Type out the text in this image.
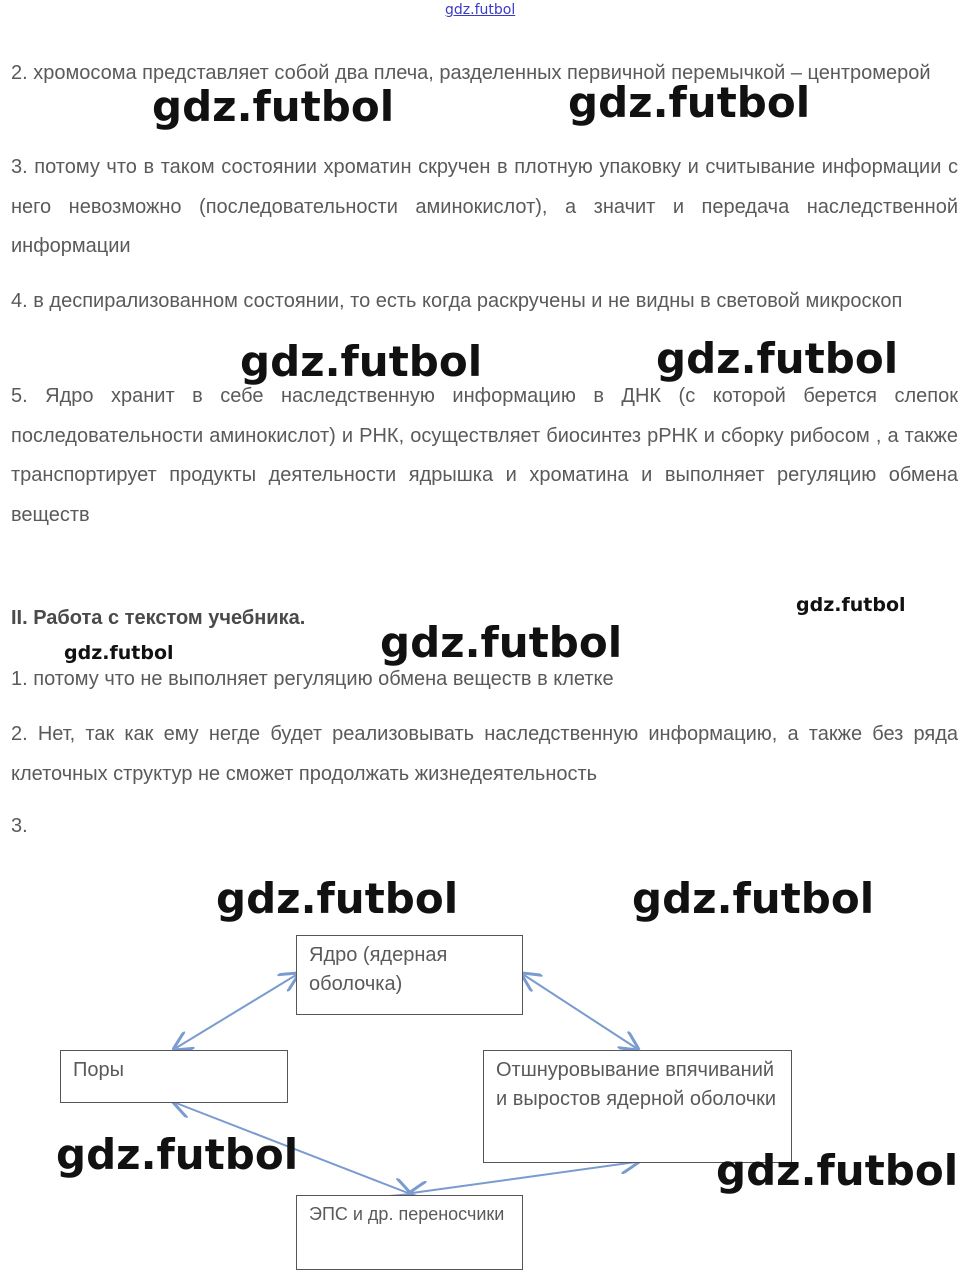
gdz.futbol

2. хромосома представляет собой два плеча, разделенных первичной перемычкой – центромерой

3. потому что в таком состоянии хроматин скручен в плотную упаковку и считывание информации с него невозможно (последовательности аминокислот), а значит и передача наследственной информации

4. в деспирализованном состоянии, то есть когда раскручены и не видны в световой микроскоп

5. Ядро хранит в себе наследственную информацию в ДНК (с которой берется слепок последовательности аминокислот) и РНК, осуществляет биосинтез рРНК и сборку рибосом , а также транспортирует продукты деятельности ядрышка и хроматина и выполняет регуляцию обмена веществ

II. Работа с текстом учебника.

1. потому что не выполняет регуляцию обмена веществ в клетке

2. Нет, так как ему негде будет реализовывать наследственную информацию, а также без ряда клеточных структур не сможет продолжать жизнедеятельность

3.

Ядро (ядерная оболочка)
Поры	Отшнуровывание впячиваний и выростов ядерной оболочки
ЭПС и др. переносчики
gdz.futbol	gdz.futbol
gdz.futbol	gdz.futbol
gdz.futbol
gdz.futbol
gdz.futbol
gdz.futbol	gdz.futbol
gdz.futbol	gdz.futbol
